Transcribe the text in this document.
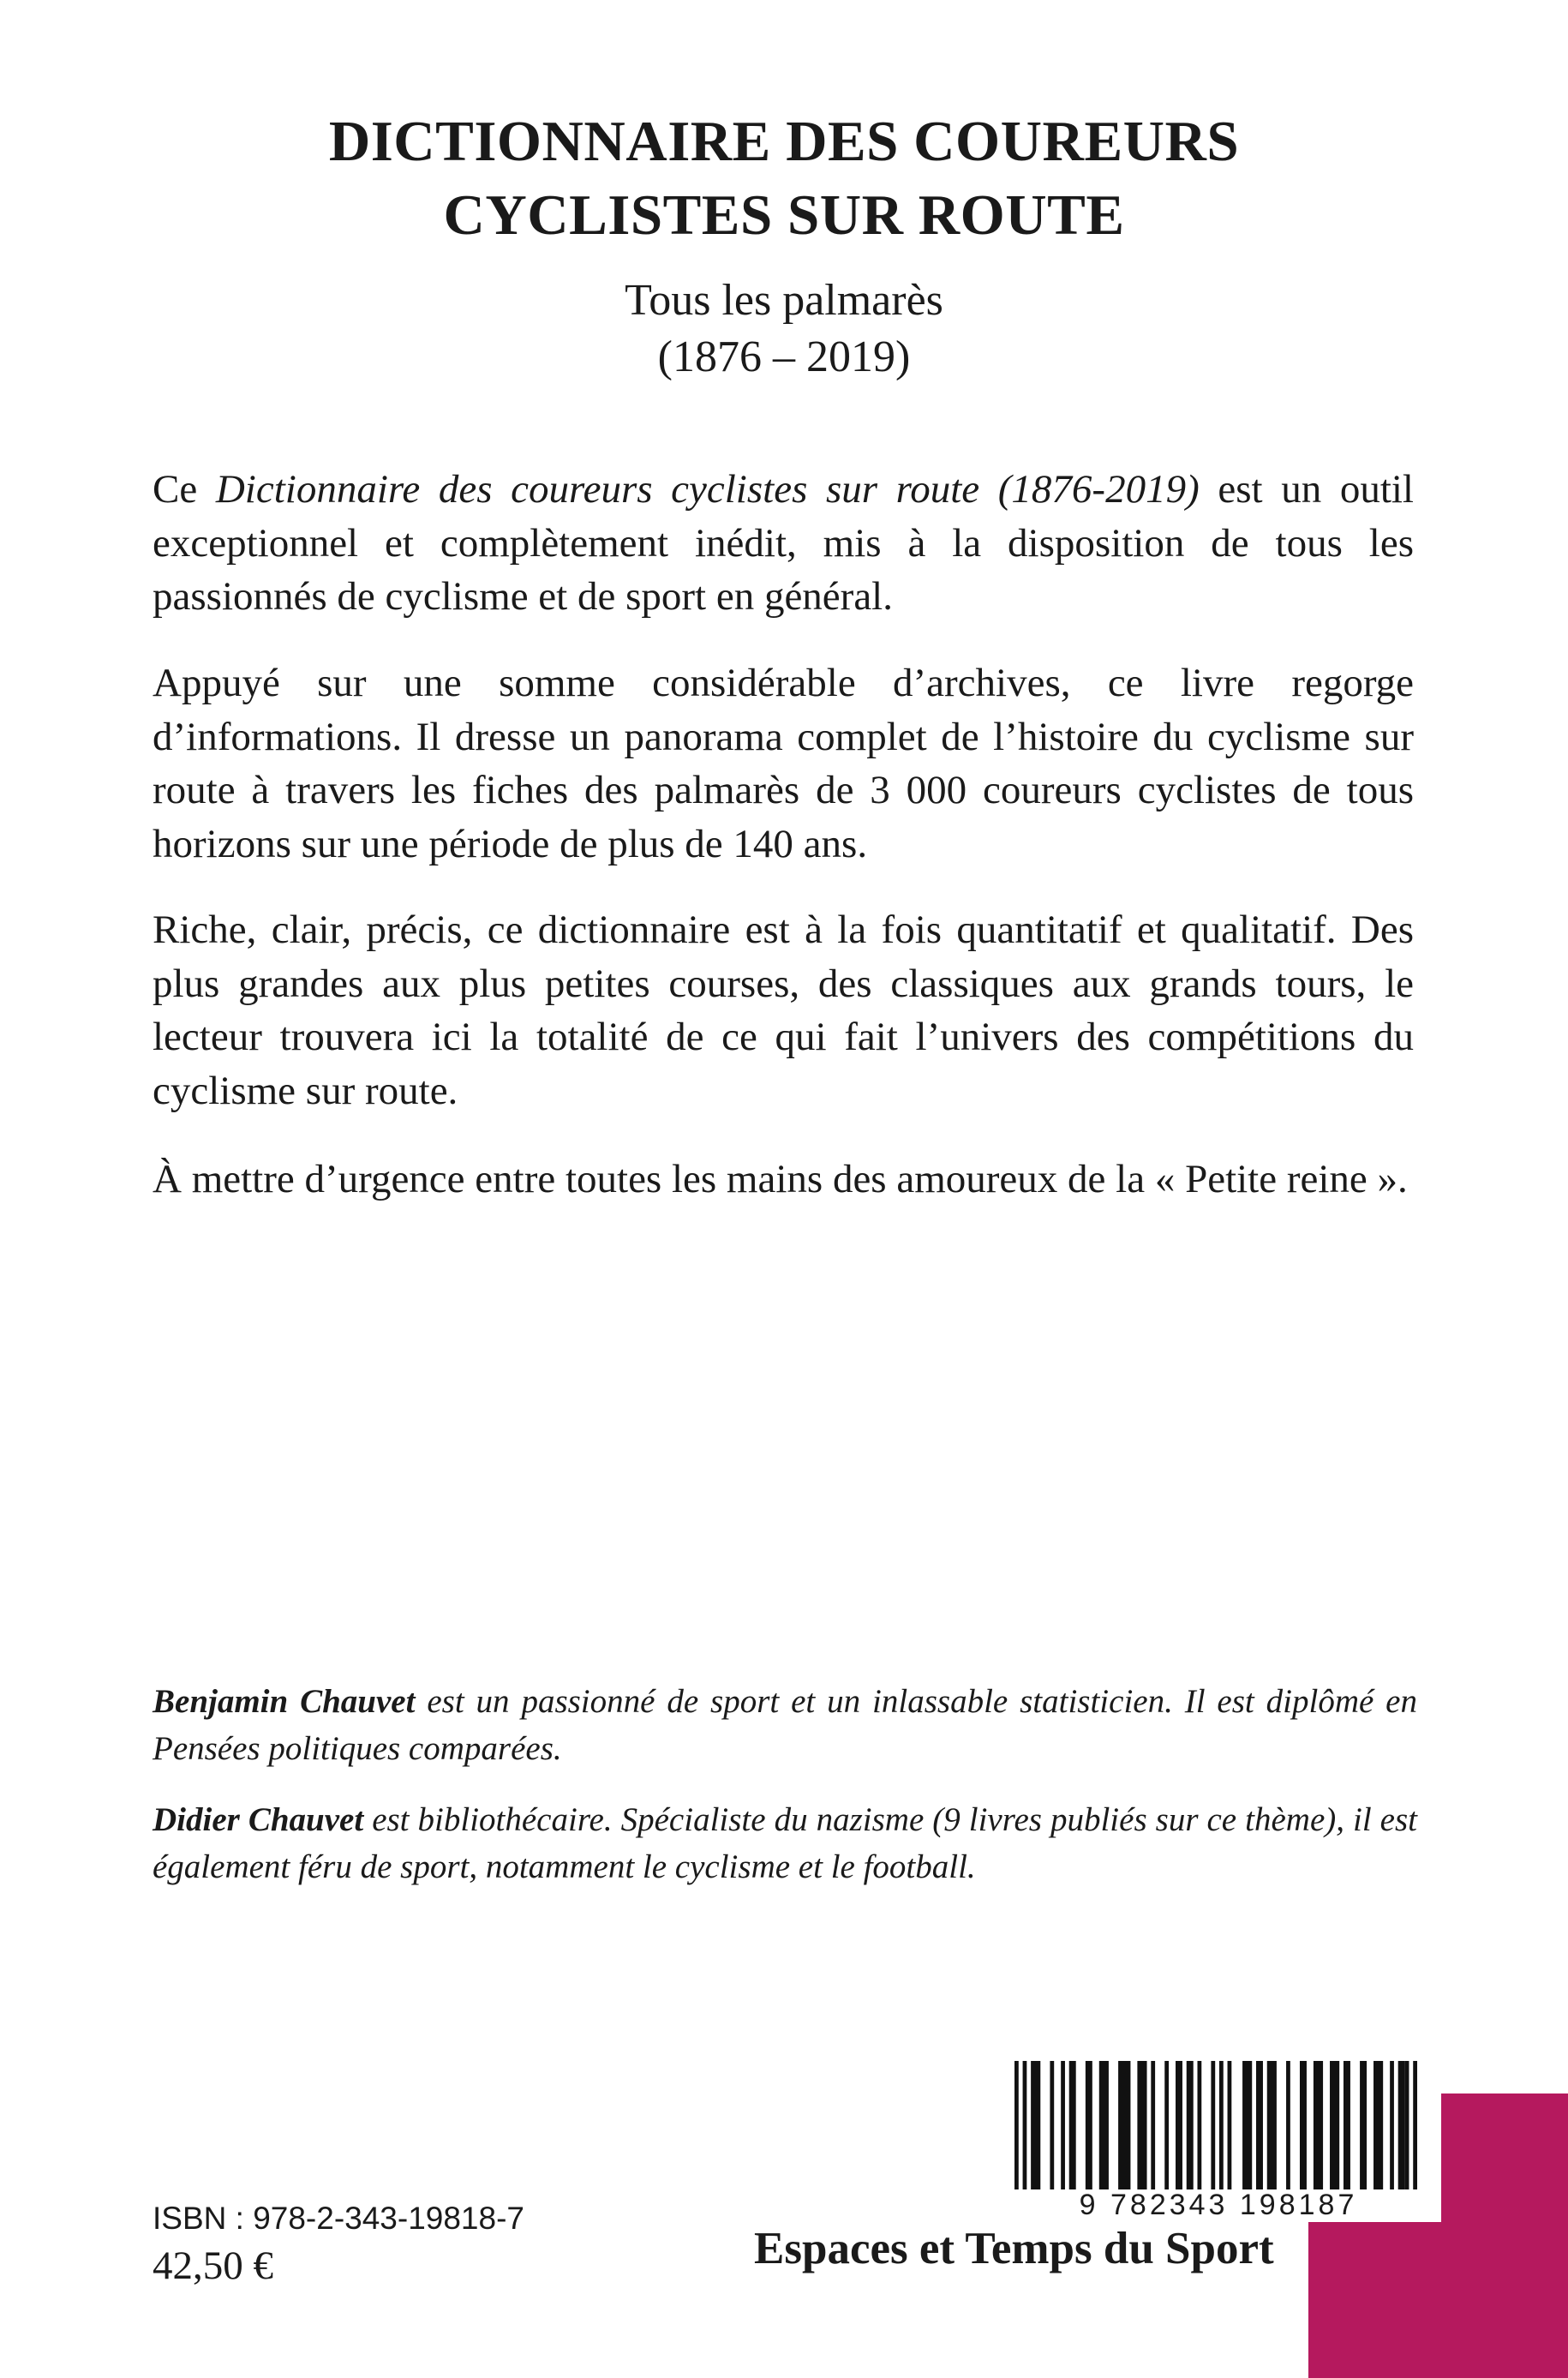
DICTIONNAIRE DES COUREURS
CYCLISTES SUR ROUTE

Tous les palmarès
(1876 – 2019)

Ce Dictionnaire des coureurs cyclistes sur route (1876-2019) est un outil exceptionnel et complètement inédit, mis à la disposition de tous les passionnés de cyclisme et de sport en général.

Appuyé sur une somme considérable d’archives, ce livre regorge d’informations. Il dresse un panorama complet de l’histoire du cyclisme sur route à travers les fiches des palmarès de 3 000 coureurs cyclistes de tous horizons sur une période de plus de 140 ans.

Riche, clair, précis, ce dictionnaire est à la fois quantitatif et qualitatif. Des plus grandes aux plus petites courses, des classiques aux grands tours, le lecteur trouvera ici la totalité de ce qui fait l’univers des compétitions du cyclisme sur route.

À mettre d’urgence entre toutes les mains des amoureux de la « Petite reine ».

Benjamin Chauvet est un passionné de sport et un inlassable statisticien. Il est diplômé en Pensées politiques comparées.

Didier Chauvet est bibliothécaire. Spécialiste du nazisme (9 livres publiés sur ce thème), il est également féru de sport, notamment le cyclisme et le football.

ISBN : 978-2-343-19818-7
42,50 €

9 782343 198187

Espaces et Temps du Sport
